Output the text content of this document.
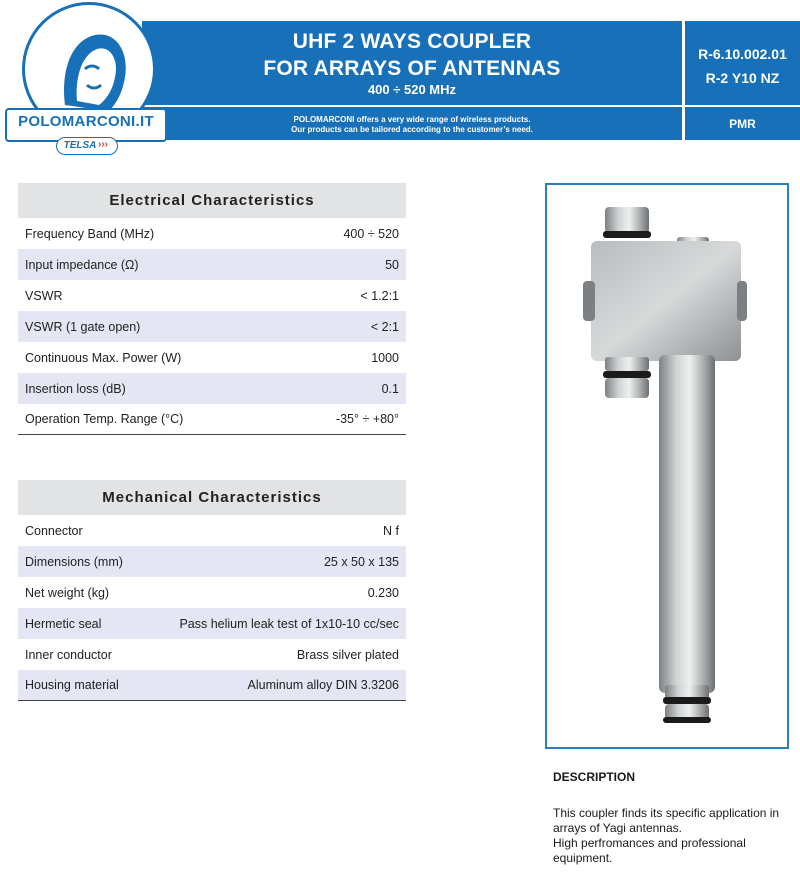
UHF 2 WAYS COUPLER
FOR ARRAYS OF ANTENNAS
400 ÷ 520 MHz
POLOMARCONI offers a very wide range of wireless products.
Our products can be tailored according to the customer’s need.
R-6.10.002.01
R-2 Y10 NZ
PMR
POLOMARCONI.IT
TELSA ›››
Electrical Characteristics
Frequency Band (MHz)	400 ÷ 520
Input impedance (Ω)	50
VSWR	< 1.2:1
VSWR (1 gate open)	< 2:1
Continuous Max. Power (W)	1000
Insertion loss (dB)	0.1
Operation Temp. Range (°C)	-35° ÷ +80°
Mechanical Characteristics
Connector	N f
Dimensions (mm)	25 x 50 x 135
Net weight (kg)	0.230
Hermetic seal	Pass helium leak test of 1x10-10 cc/sec
Inner conductor	Brass silver plated
Housing material	Aluminum alloy DIN 3.3206
DESCRIPTION
This coupler finds its specific application in
arrays of Yagi antennas.
High perfromances and professional
equipment.
